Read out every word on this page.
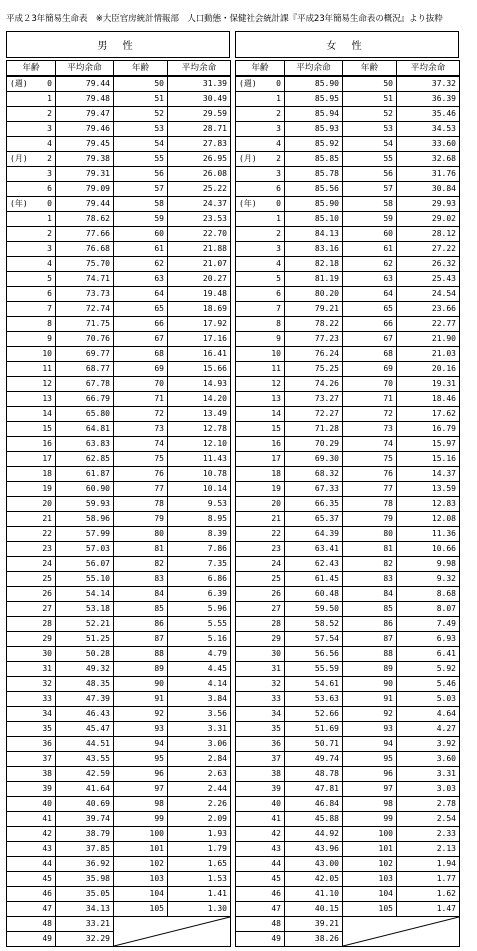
平成２3年簡易生命表　※大臣官房統計情報部　人口動態・保健社会統計課『平成23年簡易生命表の概況』より抜粋
男 性
年齢	平均余命	年齢	平均余命

(週) 0	79.44	50	31.39
1	79.48	51	30.49
2	79.47	52	29.59
3	79.46	53	28.71
4	79.45	54	27.83

(月) 2	79.38	55	26.95
3	79.31	56	26.08
6	79.09	57	25.22

(年) 0	79.44	58	24.37
1	78.62	59	23.53
2	77.66	60	22.70
3	76.68	61	21.88
4	75.70	62	21.07
5	74.71	63	20.27
6	73.73	64	19.48
7	72.74	65	18.69
8	71.75	66	17.92
9	70.76	67	17.16
10	69.77	68	16.41
11	68.77	69	15.66
12	67.78	70	14.93
13	66.79	71	14.20
14	65.80	72	13.49
15	64.81	73	12.78
16	63.83	74	12.10
17	62.85	75	11.43
18	61.87	76	10.78
19	60.90	77	10.14
20	59.93	78	9.53
21	58.96	79	8.95
22	57.99	80	8.39
23	57.03	81	7.86
24	56.07	82	7.35
25	55.10	83	6.86
26	54.14	84	6.39
27	53.18	85	5.96
28	52.21	86	5.55
29	51.25	87	5.16
30	50.28	88	4.79
31	49.32	89	4.45
32	48.35	90	4.14
33	47.39	91	3.84
34	46.43	92	3.56
35	45.47	93	3.31
36	44.51	94	3.06
37	43.55	95	2.84
38	42.59	96	2.63
39	41.64	97	2.44
40	40.69	98	2.26
41	39.74	99	2.09
42	38.79	100	1.93
43	37.85	101	1.79
44	36.92	102	1.65
45	35.98	103	1.53
46	35.05	104	1.41
47	34.13	105	1.30
48	33.21	

49	32.29		
女 性
年齢	平均余命	年齢	平均余命

(週) 0	85.90	50	37.32
1	85.95	51	36.39
2	85.94	52	35.46
3	85.93	53	34.53
4	85.92	54	33.60

(月) 2	85.85	55	32.68
3	85.78	56	31.76
6	85.56	57	30.84

(年) 0	85.90	58	29.93
1	85.10	59	29.02
2	84.13	60	28.12
3	83.16	61	27.22
4	82.18	62	26.32
5	81.19	63	25.43
6	80.20	64	24.54
7	79.21	65	23.66
8	78.22	66	22.77
9	77.23	67	21.90
10	76.24	68	21.03
11	75.25	69	20.16
12	74.26	70	19.31
13	73.27	71	18.46
14	72.27	72	17.62
15	71.28	73	16.79
16	70.29	74	15.97
17	69.30	75	15.16
18	68.32	76	14.37
19	67.33	77	13.59
20	66.35	78	12.83
21	65.37	79	12.08
22	64.39	80	11.36
23	63.41	81	10.66
24	62.43	82	9.98
25	61.45	83	9.32
26	60.48	84	8.68
27	59.50	85	8.07
28	58.52	86	7.49
29	57.54	87	6.93
30	56.56	88	6.41
31	55.59	89	5.92
32	54.61	90	5.46
33	53.63	91	5.03
34	52.66	92	4.64
35	51.69	93	4.27
36	50.71	94	3.92
37	49.74	95	3.60
38	48.78	96	3.31
39	47.81	97	3.03
40	46.84	98	2.78
41	45.88	99	2.54
42	44.92	100	2.33
43	43.96	101	2.13
44	43.00	102	1.94
45	42.05	103	1.77
46	41.10	104	1.62
47	40.15	105	1.47
48	39.21	

49	38.26		
